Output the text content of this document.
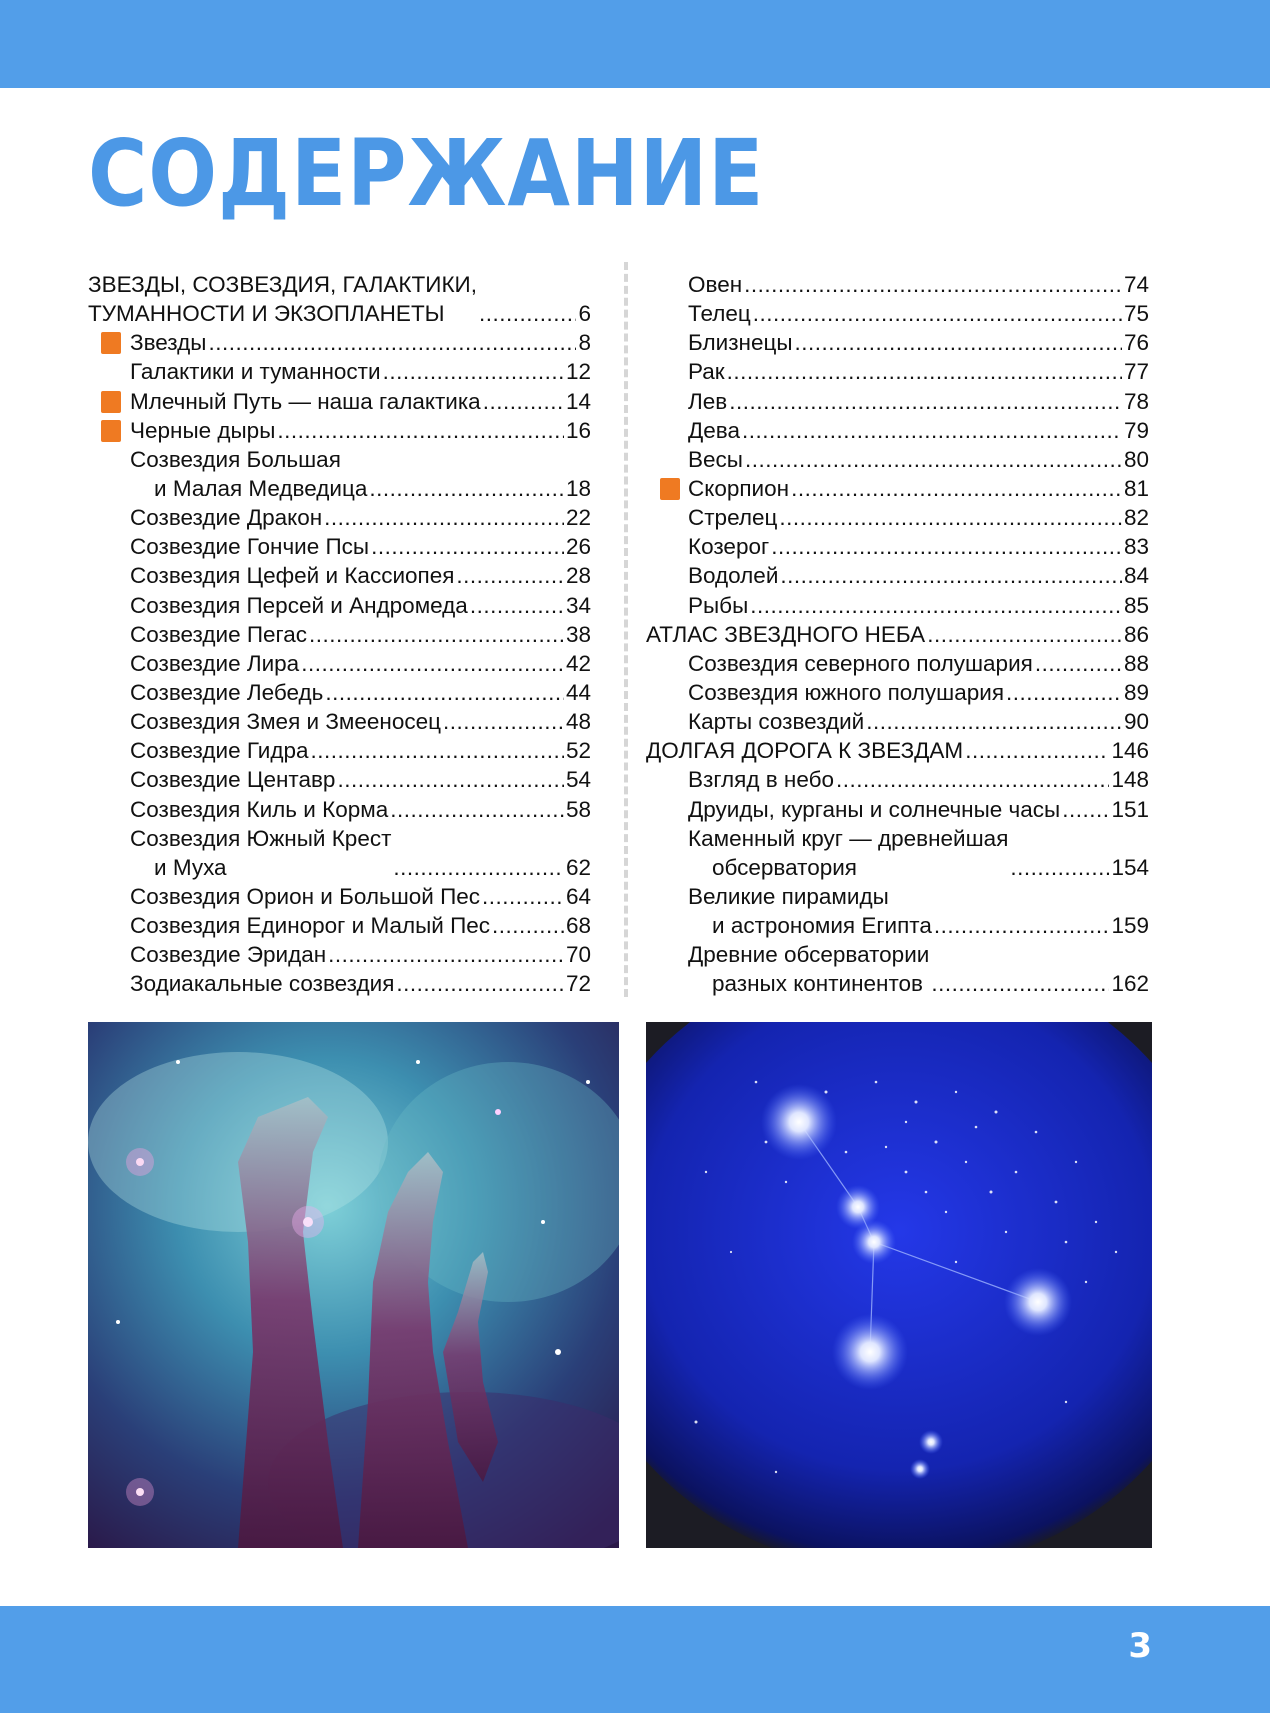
СОДЕРЖАНИЕ
ЗВЕЗДЫ, СОЗВЕЗДИЯ, ГАЛАКТИКИ,
ТУМАННОСТИ И ЭКЗОПЛАНЕТЫ .....	6
Звезды .....	8
Галактики и туманности .....	12
Млечный Путь — наша галактика .....	14
Черные дыры .....	16
Созвездия Большая
и Малая Медведица .....	18
Созвездие Дракон .....	22
Созвездие Гончие Псы .....	26
Созвездия Цефей и Кассиопея .....	28
Созвездия Персей и Андромеда .....	34
Созвездие Пегас .....	38
Созвездие Лира .....	42
Созвездие Лебедь .....	44
Созвездия Змея и Змееносец .....	48
Созвездие Гидра .....	52
Созвездие Центавр .....	54
Созвездия Киль и Корма .....	58
Созвездия Южный Крест
и Муха .....	62
Созвездия Орион и Большой Пес .....	64
Созвездия Единорог и Малый Пес .....	68
Созвездие Эридан .....	70
Зодиакальные созвездия .....	72
Овен .....	74
Телец .....	75
Близнецы .....	76
Рак .....	77
Лев .....	78
Дева .....	79
Весы .....	80
Скорпион .....	81
Стрелец .....	82
Козерог .....	83
Водолей .....	84
Рыбы .....	85
АТЛАС ЗВЕЗДНОГО НЕБА .....	86
Созвездия северного полушария .....	88
Созвездия южного полушария .....	89
Карты созвездий .....	90
ДОЛГАЯ ДОРОГА К ЗВЕЗДАМ .....	146
Взгляд в небо .....	148
Друиды, курганы и солнечные часы ..... 151
Каменный круг — древнейшая
обсерватория .....	154
Великие пирамиды
и астрономия Египта .....	159
Древние обсерватории
разных континентов .....	162
3
